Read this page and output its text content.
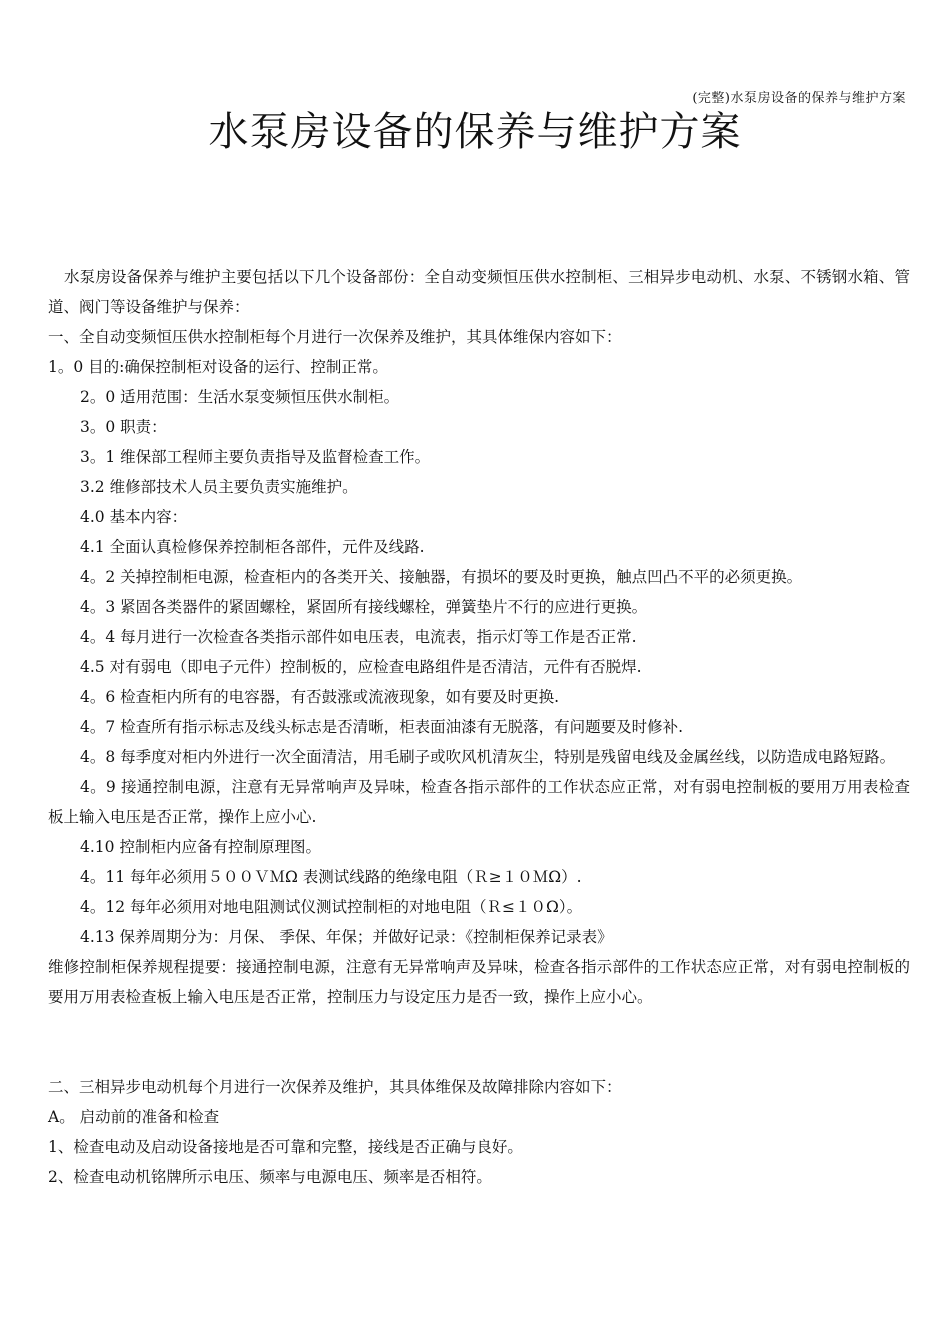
(完整)水泵房设备的保养与维护方案
水泵房设备的保养与维护方案

水泵房设备保养与维护主要包括以下几个设备部份：全自动变频恒压供水控制柜、三相异步电动机、水泵、不锈钢水箱、管道、阀门等设备维护与保养：

一、全自动变频恒压供水控制柜每个月进行一次保养及维护，其具体维保内容如下：

1。0 目的:确保控制柜对设备的运行、控制正常。

2。0 适用范围：生活水泵变频恒压供水制柜。

3。0 职责：

3。1 维保部工程师主要负责指导及监督检查工作。

3.2 维修部技术人员主要负责实施维护。

4.0 基本内容：

4.1 全面认真检修保养控制柜各部件，元件及线路.

4。2 关掉控制柜电源，检查柜内的各类开关、接触器，有损坏的要及时更换，触点凹凸不平的必须更换。

4。3 紧固各类器件的紧固螺栓，紧固所有接线螺栓，弹簧垫片不行的应进行更换。

4。4 每月进行一次检查各类指示部件如电压表，电流表，指示灯等工作是否正常.

4.5 对有弱电（即电子元件）控制板的，应检查电路组件是否清洁，元件有否脱焊.

4。6 检查柜内所有的电容器，有否鼓涨或流液现象，如有要及时更换.

4。7 检查所有指示标志及线头标志是否清晰，柜表面油漆有无脱落，有问题要及时修补.

4。8 每季度对柜内外进行一次全面清洁，用毛刷子或吹风机清灰尘，特别是残留电线及金属丝线，以防造成电路短路。

4。9 接通控制电源，注意有无异常响声及异味，检查各指示部件的工作状态应正常，对有弱电控制板的要用万用表检查板上输入电压是否正常，操作上应小心.

4.10 控制柜内应备有控制原理图。

4。11 每年必须用５００ＶＭΩ 表测试线路的绝缘电阻（Ｒ≥１０ＭΩ）.

4。12 每年必须用对地电阻测试仪测试控制柜的对地电阻（Ｒ≤１０Ω）。

4.13 保养周期分为：月保、 季保、年保；并做好记录：《控制柜保养记录表》

维修控制柜保养规程提要：接通控制电源，注意有无异常响声及异味，检查各指示部件的工作状态应正常，对有弱电控制板的要用万用表检查板上输入电压是否正常，控制压力与设定压力是否一致，操作上应小心。

二、三相异步电动机每个月进行一次保养及维护，其具体维保及故障排除内容如下：

A。 启动前的准备和检查

1、检查电动及启动设备接地是否可靠和完整，接线是否正确与良好。

2、检查电动机铭牌所示电压、频率与电源电压、频率是否相符。
